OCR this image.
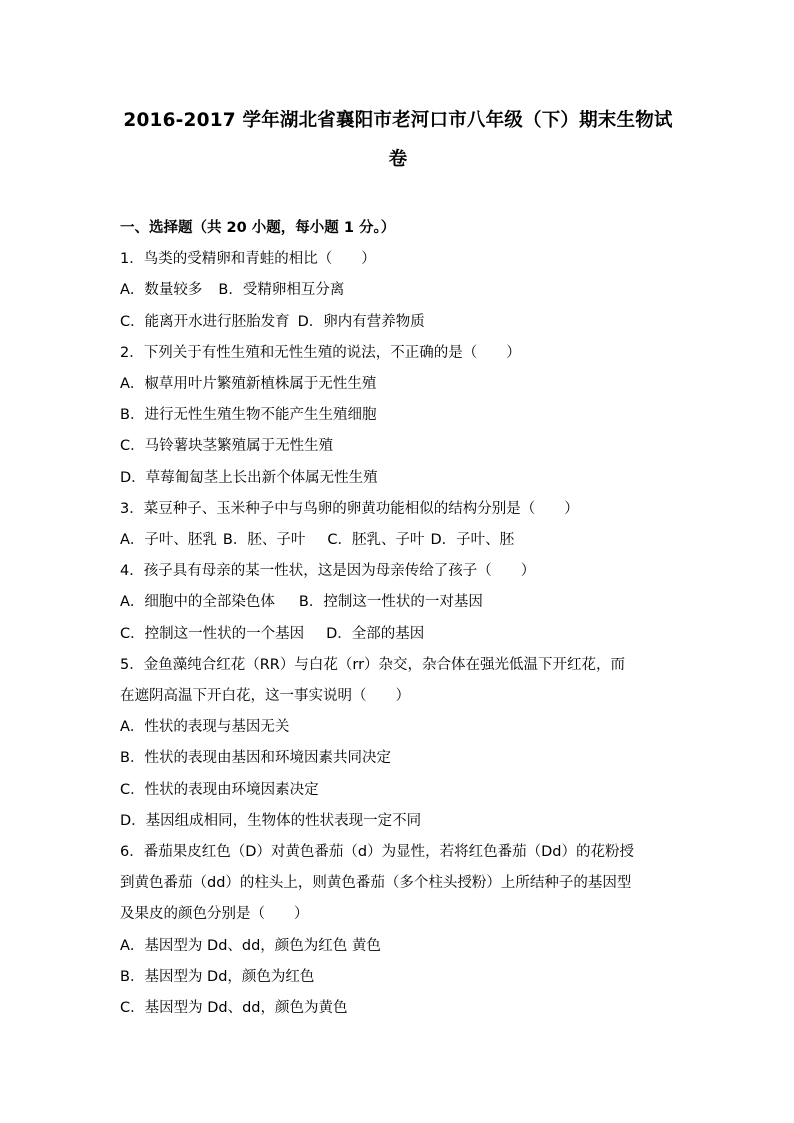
2016-2017 学年湖北省襄阳市老河口市八年级（下）期末生物试
卷
一、选择题（共 20 小题，每小题 1 分。）
1．鸟类的受精卵和青蛙的相比（　　）
A．数量较多 B．受精卵相互分离
C．能离开水进行胚胎发育 D．卵内有营养物质
2．下列关于有性生殖和无性生殖的说法，不正确的是（　　）
A．椒草用叶片繁殖新植株属于无性生殖
B．进行无性生殖生物不能产生生殖细胞
C．马铃薯块茎繁殖属于无性生殖
D．草莓匍匐茎上长出新个体属无性生殖
3．菜豆种子、玉米种子中与鸟卵的卵黄功能相似的结构分别是（　　）
A．子叶、胚乳 B．胚、子叶 C．胚乳、子叶 D．子叶、胚
4．孩子具有母亲的某一性状，这是因为母亲传给了孩子（　　）
A．细胞中的全部染色体 B．控制这一性状的一对基因
C．控制这一性状的一个基因 D．全部的基因
5．金鱼藻纯合红花（RR）与白花（rr）杂交，杂合体在强光低温下开红花，而
在遮阴高温下开白花，这一事实说明（　　）
A．性状的表现与基因无关
B．性状的表现由基因和环境因素共同决定
C．性状的表现由环境因素决定
D．基因组成相同，生物体的性状表现一定不同
6．番茄果皮红色（D）对黄色番茄（d）为显性，若将红色番茄（Dd）的花粉授
到黄色番茄（dd）的柱头上，则黄色番茄（多个柱头授粉）上所结种子的基因型
及果皮的颜色分别是（　　）
A．基因型为 Dd、dd，颜色为红色 黄色
B．基因型为 Dd，颜色为红色
C．基因型为 Dd、dd，颜色为黄色
